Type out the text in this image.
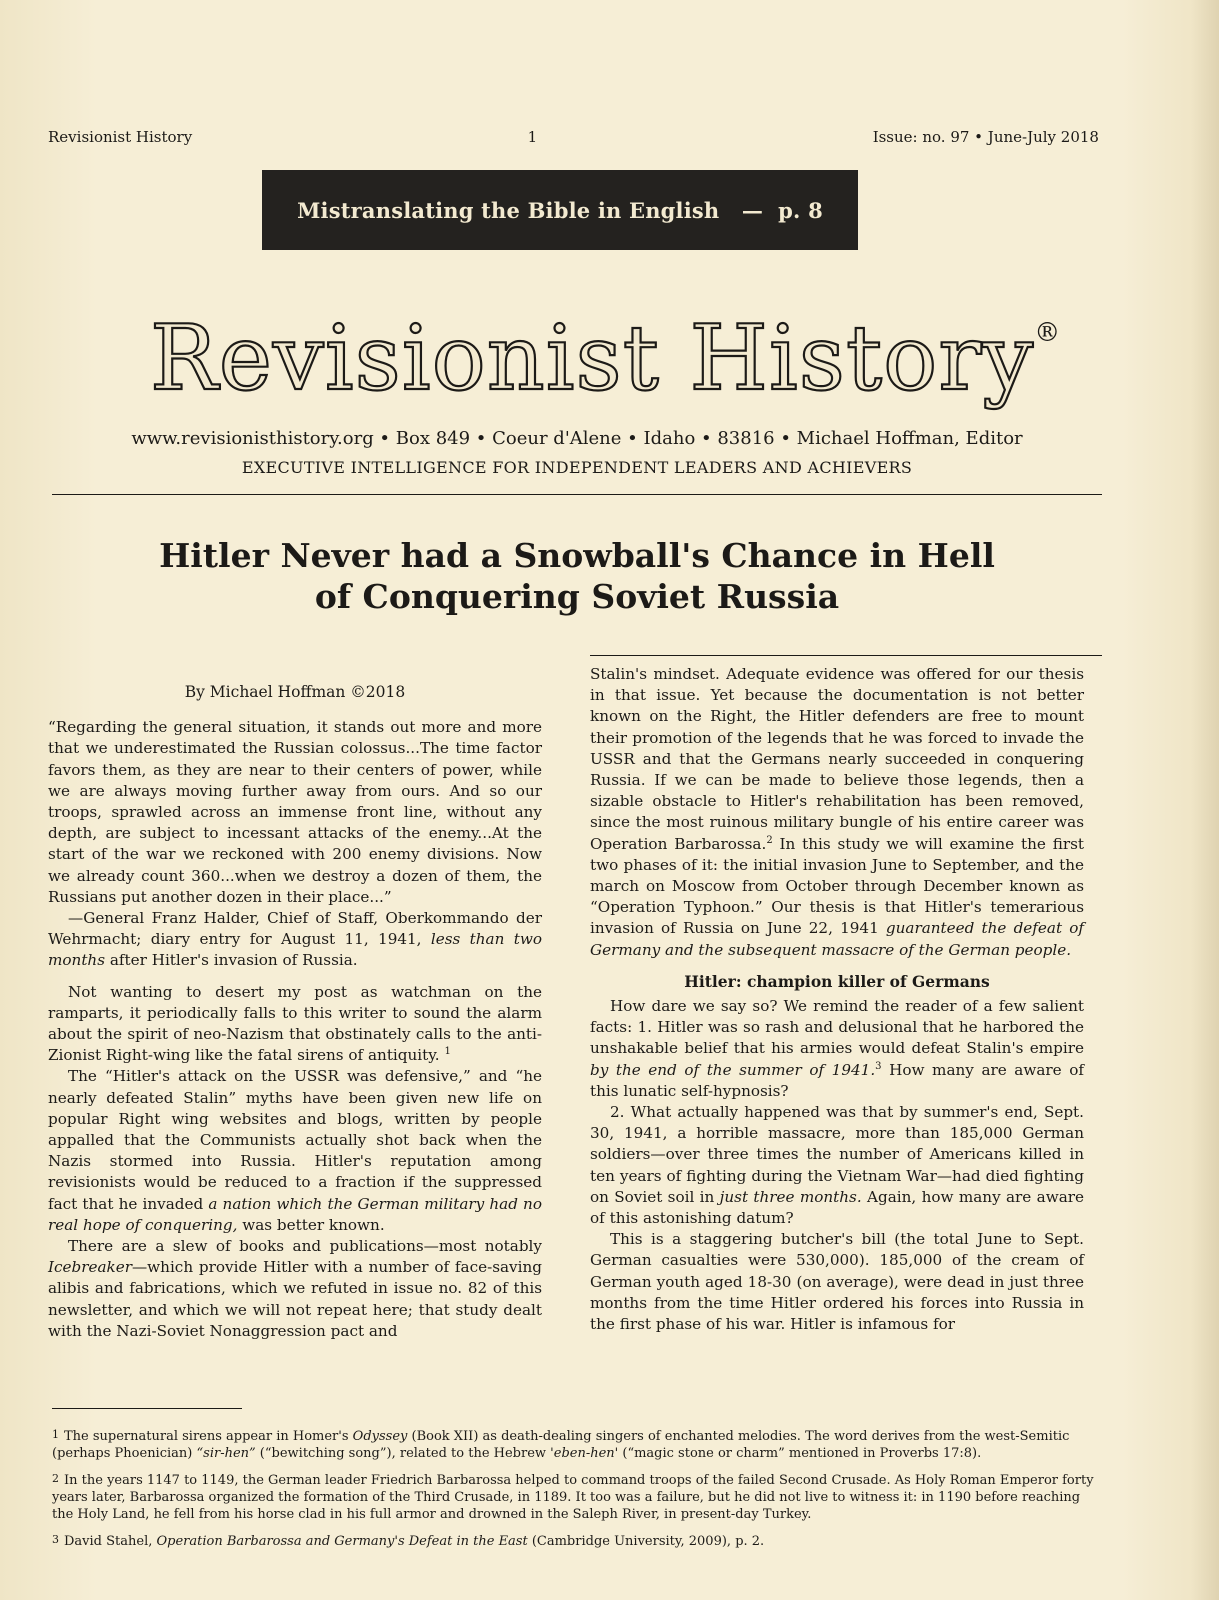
Revisionist History	1	Issue: no. 97 • June-July 2018
Mistranslating the Bible in English   —  p. 8
Revisionist History®
www.revisionisthistory.org • Box 849 • Coeur d'Alene • Idaho • 83816 • Michael Hoffman, Editor
EXECUTIVE INTELLIGENCE FOR INDEPENDENT LEADERS AND ACHIEVERS
Hitler Never had a Snowball's Chance in Hell
of Conquering Soviet Russia
By Michael Hoffman ©2018

“Regarding the general situation, it stands out more and more that we underestimated the Russian colossus...The time factor favors them, as they are near to their centers of power, while we are always moving further away from ours. And so our troops, sprawled across an immense front line, without any depth, are subject to incessant attacks of the enemy...At the start of the war we reckoned with 200 enemy divisions. Now we already count 360...when we destroy a dozen of them, the Russians put another dozen in their place...”

—General Franz Halder, Chief of Staff, Oberkommando der Wehrmacht; diary entry for August 11, 1941, less than two months after Hitler's invasion of Russia.

Not wanting to desert my post as watchman on the ramparts, it periodically falls to this writer to sound the alarm about the spirit of neo-Nazism that obstinately calls to the anti-Zionist Right-wing like the fatal sirens of antiquity. $^1$

The “Hitler's attack on the USSR was defensive,” and “he nearly defeated Stalin” myths have been given new life on popular Right wing websites and blogs, written by people appalled that the Communists actually shot back when the Nazis stormed into Russia. Hitler's reputation among revisionists would be reduced to a fraction if the suppressed fact that he invaded a nation which the German military had no real hope of conquering, was better known.

There are a slew of books and publications—most notably Icebreaker—which provide Hitler with a number of face-saving alibis and fabrications, which we refuted in issue no. 82 of this newsletter, and which we will not repeat here; that study dealt with the Nazi-Soviet Nonaggression pact and

Stalin's mindset. Adequate evidence was offered for our thesis in that issue. Yet because the documentation is not better known on the Right, the Hitler defenders are free to mount their promotion of the legends that he was forced to invade the USSR and that the Germans nearly succeeded in conquering Russia. If we can be made to believe those legends, then a sizable obstacle to Hitler's rehabilitation has been removed, since the most ruinous military bungle of his entire career was Operation Barbarossa.$^2$ In this study we will examine the first two phases of it: the initial invasion June to September, and the march on Moscow from October through December known as “Operation Typhoon.” Our thesis is that Hitler's temerarious invasion of Russia on June 22, 1941 guaranteed the defeat of Germany and the subsequent massacre of the German people.

Hitler: champion killer of Germans

How dare we say so? We remind the reader of a few salient facts: 1. Hitler was so rash and delusional that he harbored the unshakable belief that his armies would defeat Stalin's empire by the end of the summer of 1941.$^3$ How many are aware of this lunatic self-hypnosis?

2. What actually happened was that by summer's end, Sept. 30, 1941, a horrible massacre, more than 185,000 German soldiers—over three times the number of Americans killed in ten years of fighting during the Vietnam War—had died fighting on Soviet soil in just three months. Again, how many are aware of this astonishing datum?

This is a staggering butcher's bill (the total June to Sept. German casualties were 530,000). 185,000 of the cream of German youth aged 18-30 (on average), were dead in just three months from the time Hitler ordered his forces into Russia in the first phase of his war. Hitler is infamous for

1 The supernatural sirens appear in Homer's Odyssey (Book XII) as death-dealing singers of enchanted melodies. The word derives from the west-Semitic (perhaps Phoenician) “sir-hen” (“bewitching song”), related to the Hebrew 'eben-hen' (“magic stone or charm” mentioned in Proverbs 17:8).

2 In the years 1147 to 1149, the German leader Friedrich Barbarossa helped to command troops of the failed Second Crusade. As Holy Roman Emperor forty years later, Barbarossa organized the formation of the Third Crusade, in 1189. It too was a failure, but he did not live to witness it: in 1190 before reaching the Holy Land, he fell from his horse clad in his full armor and drowned in the Saleph River, in present-day Turkey.

3 David Stahel, Operation Barbarossa and Germany's Defeat in the East (Cambridge University, 2009), p. 2.
